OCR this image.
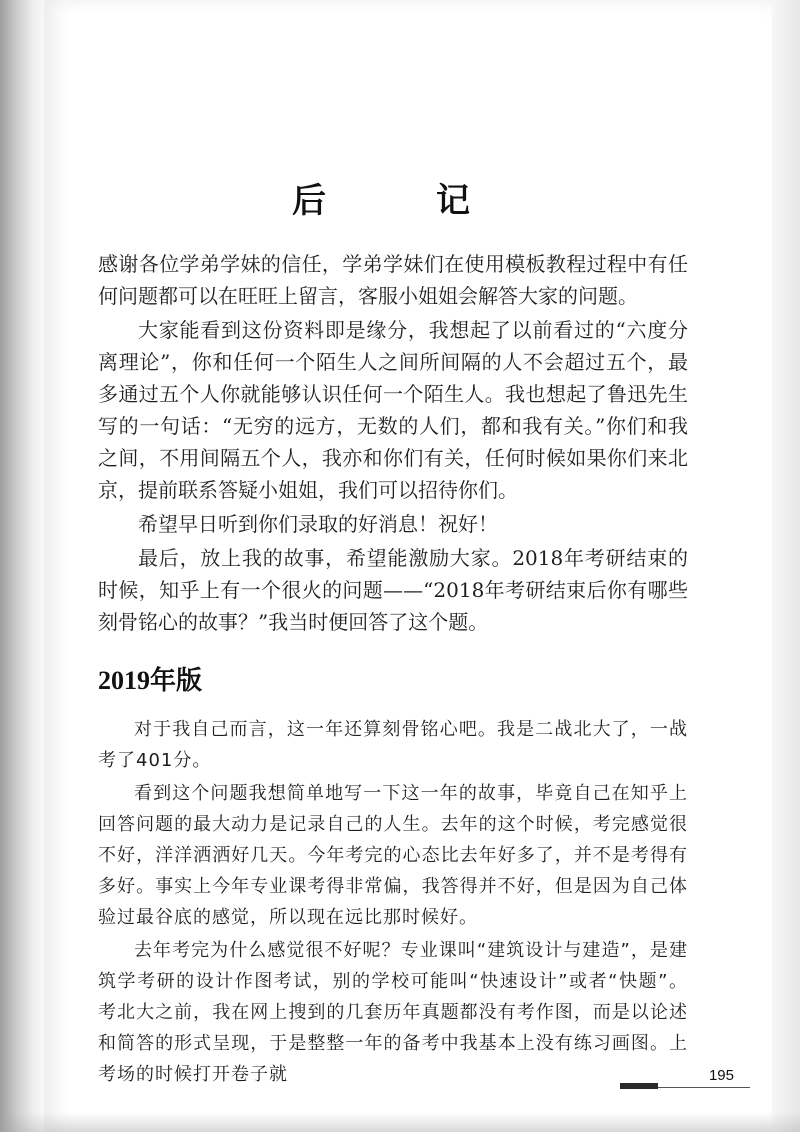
后　记

感谢各位学弟学妹的信任，学弟学妹们在使用模板教程过程中有任何问题都可以在旺旺上留言，客服小姐姐会解答大家的问题。

大家能看到这份资料即是缘分，我想起了以前看过的“六度分离理论”，你和任何一个陌生人之间所间隔的人不会超过五个，最多通过五个人你就能够认识任何一个陌生人。我也想起了鲁迅先生写的一句话：“无穷的远方，无数的人们，都和我有关。”你们和我之间，不用间隔五个人，我亦和你们有关，任何时候如果你们来北京，提前联系答疑小姐姐，我们可以招待你们。

希望早日听到你们录取的好消息！祝好！

最后，放上我的故事，希望能激励大家。2018年考研结束的时候，知乎上有一个很火的问题——“2018年考研结束后你有哪些刻骨铭心的故事？”我当时便回答了这个题。

2019年版

对于我自己而言，这一年还算刻骨铭心吧。我是二战北大了，一战考了401分。

看到这个问题我想简单地写一下这一年的故事，毕竟自己在知乎上回答问题的最大动力是记录自己的人生。去年的这个时候，考完感觉很不好，洋洋洒洒好几天。今年考完的心态比去年好多了，并不是考得有多好。事实上今年专业课考得非常偏，我答得并不好，但是因为自己体验过最谷底的感觉，所以现在远比那时候好。

去年考完为什么感觉很不好呢？专业课叫“建筑设计与建造”，是建筑学考研的设计作图考试，别的学校可能叫“快速设计”或者“快题”。考北大之前，我在网上搜到的几套历年真题都没有考作图，而是以论述和简答的形式呈现，于是整整一年的备考中我基本上没有练习画图。上考场的时候打开卷子就	195
